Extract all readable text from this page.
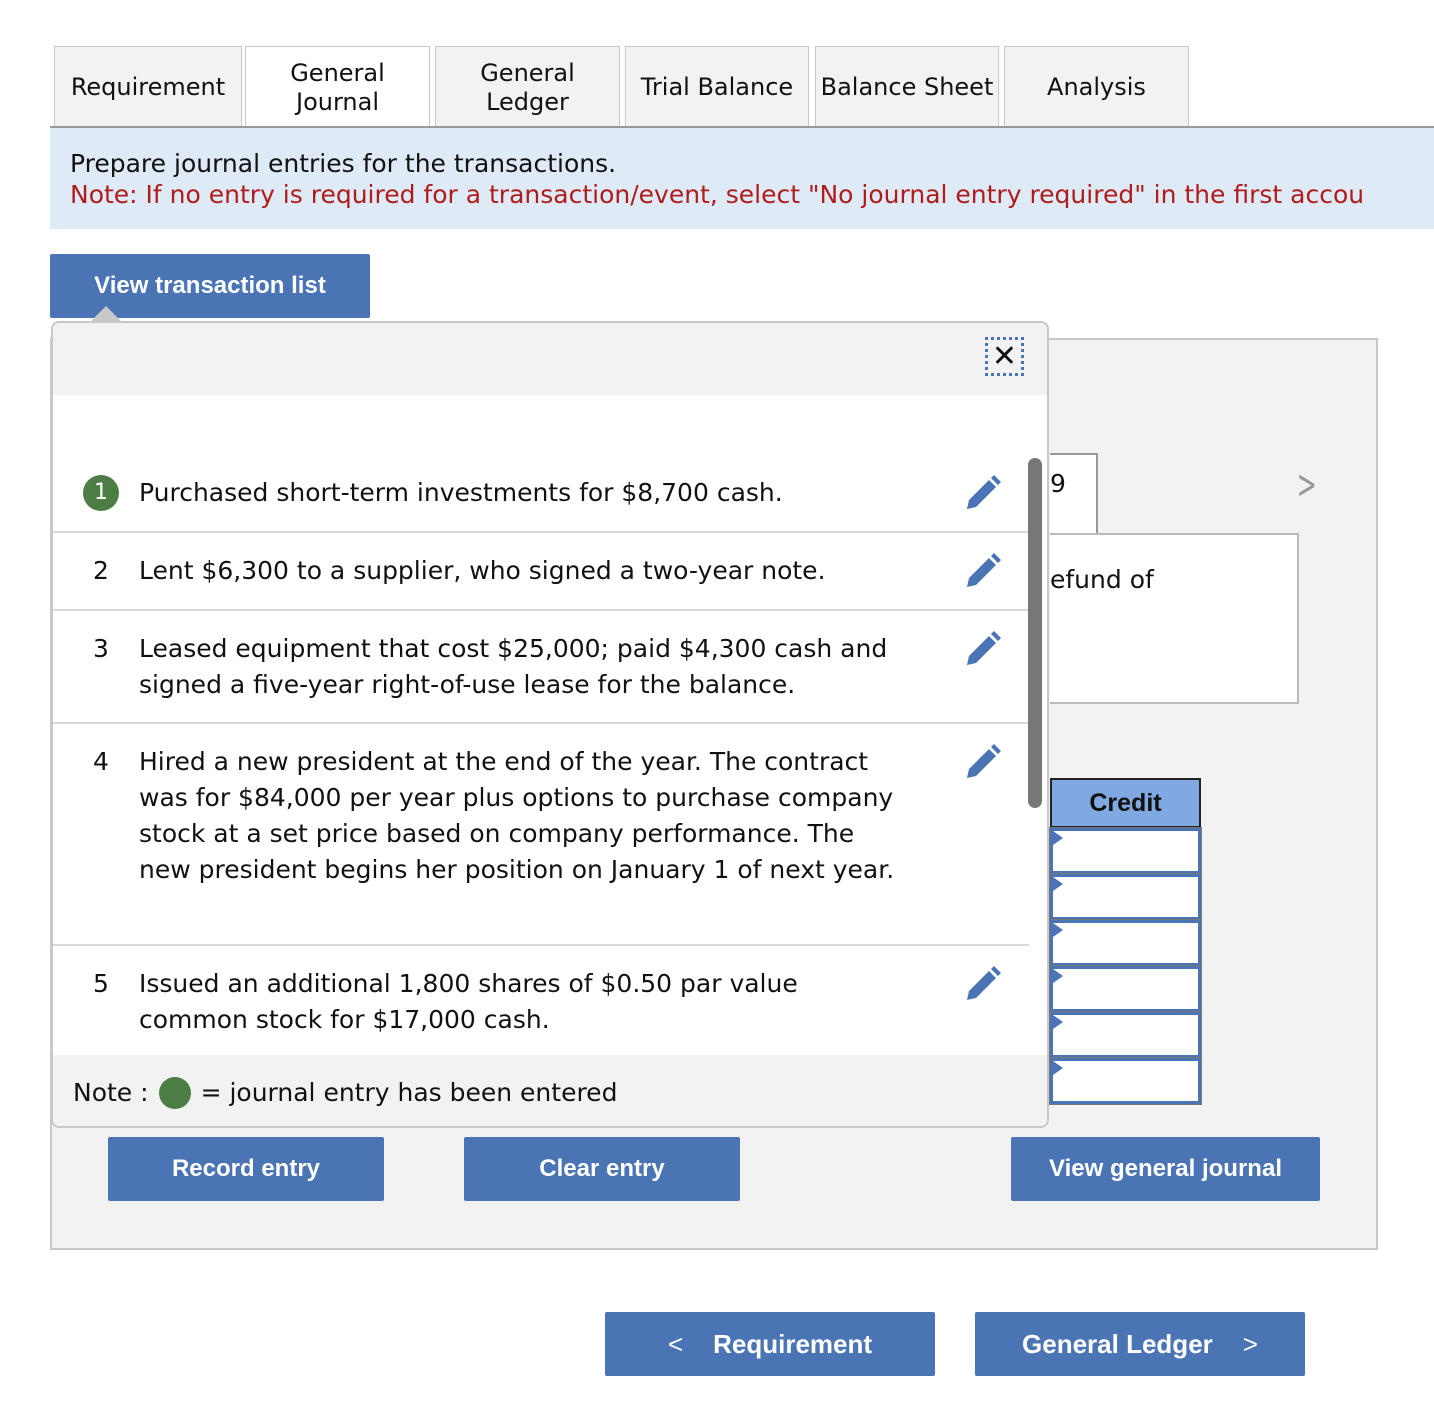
Requirement	General
Journal
General
Ledger
Trial Balance Balance Sheet Analysis
Prepare journal entries for the transactions.
Note: If no entry is required for a transaction/event, select "No journal entry required" in the first accou
View transaction list
9
efund of
>
Credit
✕
1 Purchased short-term investments for $8,700 cash.
2 Lent $6,300 to a supplier, who signed a two-year note.
3 Leased equipment that cost $25,000; paid $4,300 cash and signed a five-year right-of-use lease for the balance.
4 Hired a new president at the end of the year. The contract was for $84,000 per year plus options to purchase company stock at a set price based on company performance. The new president begins her position on January 1 of next year.
5 Issued an additional 1,800 shares of $0.50 par value common stock for $17,000 cash.
Note : = journal entry has been entered
Record entry	Clear entry	View general journal
< Requirement	General Ledger >
